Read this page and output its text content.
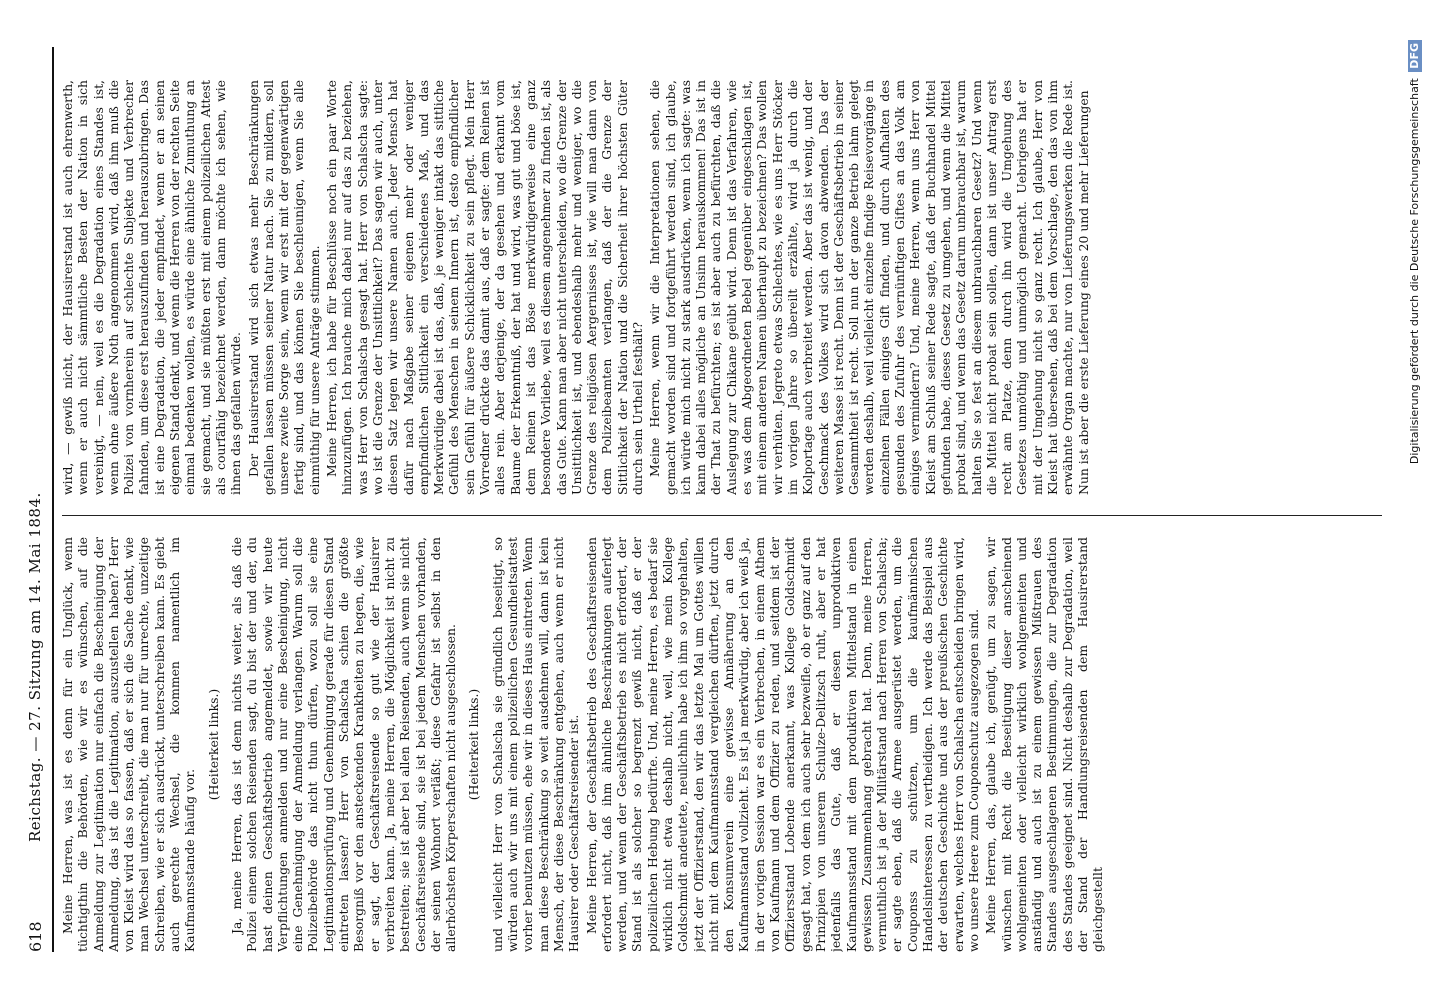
618
Reichstag. — 27. Sitzung am 14. Mai 1884. Meine Herren, was ist es denn für ein Unglück, wenn tüchtigthin die Behörden, wie wir es wünschen, auf die Anmeldung zur Legitimation nur einfach die Bescheinigung der Anmeldung, das ist die Legitimation, auszustellen haben? Herr von Kleist wird das so fassen, daß er sich die Sache denkt, wie man Wechsel unterschreibt, die man nur für unrechte, unzeitige Schreiben, wie er sich ausdrückt, unterschreiben kann. Es giebt auch gerechte Wechsel, die kommen namentlich im Kaufmannsstande häufig vor.

(Heiterkeit links.) Ja, meine Herren, das ist denn nichts weiter, als daß die Polizei einem solchen Reisenden sagt, du bist der und der, du hast deinen Geschäftsbetrieb angemeldet, sowie wir heute Verpflichtungen anmelden und nur eine Bescheinigung, nicht eine Genehmigung der Anmeldung verlangen. Warum soll die Polizeibehörde das nicht thun dürfen, wozu soll sie eine Legitimationsprüfung und Genehmigung gerade für diesen Stand eintreten lassen? Herr von Schalscha schien die größte Besorgniß vor den ansteckenden Krankheiten zu hegen, die, wie er sagt, der Geschäftsreisende so gut wie der Hausirer verbreiten kann. Ja, meine Herren, die Möglichkeit ist nicht zu bestreiten; sie ist aber bei allen Reisenden, auch wenn sie nicht Geschäftsreisende sind, sie ist bei jedem Menschen vorhanden, der seinen Wohnort verläßt; diese Gefahr ist selbst in den allerhöchsten Körperschaften nicht ausgeschlossen. (Heiterkeit links.) und vielleicht Herr von Schalscha sie gründlich beseitigt, so würden auch wir uns mit einem polizeilichen Gesundheitsattest vorher benutzen müssen, ehe wir in dieses Haus eintreten. Wenn man diese Beschränkung so weit ausdehnen will, dann ist kein Mensch, der diese Beschränkung entgehen, auch wenn er nicht Hausirer oder Geschäftsreisender ist. Meine Herren, der Geschäftsbetrieb des Geschäftsreisenden erfordert nicht, daß ihm ähnliche Beschränkungen auferlegt werden, und wenn der Geschäftsbetrieb es nicht erfordert, der Stand ist als solcher so begrenzt gewiß nicht, daß er der polizeilichen Hebung bedürfte. Und, meine Herren, es bedarf sie wirklich nicht etwa deshalb nicht, weil, wie mein Kollege Goldschmidt andeutete, neulichhin habe ich ihm so vorgehalten, jetzt der Offizierstand, den wir das letzte Mal um Gottes willen nicht mit dem Kaufmannsstand vergleichen dürften, jetzt durch den Konsumverein eine gewisse Annäherung an den Kaufmannsstand vollzieht. Es ist ja merkwürdig, aber ich weiß ja, in der vorigen Session war es ein Verbrechen, in einem Athem von Kaufmann und dem Offizier zu reden, und seitdem ist der Offiziersstand Lobende anerkannt, was Kollege Goldschmidt gesagt hat, von dem ich auch sehr bezweifle, ob er ganz auf den Prinzipien von unserem Schulze-Delitzsch ruht, aber er hat jedenfalls das Gute, daß er diesen unproduktiven Kaufmannsstand mit dem produktiven Mittelstand in einen gewissen Zusammenhang gebracht hat. Denn, meine Herren, vermuthlich ist ja der Militärstand nach Herren von Schalscha; er sagte eben, daß die Armee ausgerüstet werden, um die Couponss zu schützen, um die kaufmännischen Handelsinteressen zu vertheidigen. Ich werde das Beispiel aus der deutschen Geschichte und aus der preußischen Geschichte erwarten, welches Herr von Schalscha entscheiden bringen wird, wo unsere Heere zum Couponschutz ausgezogen sind. Meine Herren, das, glaube ich, genügt, um zu sagen, wir wünschen mit Recht die Beseitigung dieser anscheinend wohlgemeinten oder vielleicht wirklich wohlgemeinten und anständig und auch ist zu einem gewissen Mißtrauen des Standes ausgeschlagenen Bestimmungen, die zur Degradation des Standes geeignet sind. Nicht deshalb zur Degradation, weil der Stand der Handlungsreisenden dem Hausirerstand gleichgestellt

wird, — gewiß nicht, der Hausirerstand ist auch ehrenwerth, wenn er auch nicht sämmtliche Besten der Nation in sich vereinigt, — nein, weil es die Degradation eines Standes ist, wenn ohne äußere Noth angenommen wird, daß ihm muß die Polizei von vornherein auf schlechte Subjekte und Verbrecher fahnden, um diese erst herauszufinden und herauszubringen. Das ist eine Degradation, die jeder empfindet, wenn er an seinen eigenen Stand denkt, und wenn die Herren von der rechten Seite einmal bedenken wollen, es würde eine ähnliche Zumuthung an sie gemacht, und sie müßten erst mit einem polizeilichen Attest als courfähig bezeichnet werden, dann möchte ich sehen, wie ihnen das gefallen würde. Der Hausirerstand wird sich etwas mehr Beschränkungen gefallen lassen müssen seiner Natur nach. Sie zu mildern, soll unsere zweite Sorge sein, wenn wir erst mit der gegenwärtigen fertig sind, und das können Sie beschleunigen, wenn Sie alle einmüthig für unsere Anträge stimmen. Meine Herren, ich habe für Beschlüsse noch ein paar Worte hinzuzufügen. Ich brauche mich dabei nur auf das zu beziehen, was Herr von Schalscha gesagt hat. Herr von Schalscha sagte: wo ist die Grenze der Unsittlichkeit? Das sagen wir auch, unter diesen Satz legen wir unsere Namen auch. Jeder Mensch hat dafür nach Maßgabe seiner eigenen mehr oder weniger empfindlichen Sittlichkeit ein verschiedenes Maß, und das Merkwürdige dabei ist das, daß, je weniger intakt das sittliche Gefühl des Menschen in seinem Innern ist, desto empfindlicher sein Gefühl für äußere Schicklichkeit zu sein pflegt. Mein Herr Vorredner drückte das damit aus, daß er sagte: dem Reinen ist alles rein. Aber derjenige, der da gesehen und erkannt vom Baume der Erkenntniß, der hat und wird, was gut und böse ist, dem Reinen ist das Böse merkwürdigerweise eine ganz besondere Vorliebe, weil es diesem angenehmer zu finden ist, als das Gute. Kann man aber nicht unterscheiden, wo die Grenze der Unsittlichkeit ist, und ebendeshalb mehr und weniger, wo die Grenze des religiösen Aergernisses ist, wie will man dann von dem Polizeibeamten verlangen, daß der die Grenze der Sittlichkeit der Nation und die Sicherheit ihrer höchsten Güter durch sein Urtheil festhält? Meine Herren, wenn wir die Interpretationen sehen, die gemacht worden sind und fortgeführt werden sind, ich glaube, ich würde mich nicht zu stark ausdrücken, wenn ich sagte: was kann dabei alles mögliche an Unsinn herauskommen! Das ist in der That zu befürchten; es ist aber auch zu befürchten, daß die Auslegung zur Chikane geübt wird. Denn ist das Verfahren, wie es was dem Abgeordneten Bebel gegenüber eingeschlagen ist, mit einem anderen Namen überhaupt zu bezeichnen? Das wollen wir verhüten. Jegreto etwas Schlechtes, wie es uns Herr Stöcker im vorigen Jahre so übereilt erzählte, wird ja durch die Kolportage auch verbreitet werden. Aber das ist wenig, und der Geschmack des Volkes wird sich davon abwenden. Das der weiteren Masse ist recht. Denn ist der Geschäftsbetrieb in seiner Gesammtheit ist recht. Soll nun der ganze Betrieb lahm gelegt werden deshalb, weil vielleicht einzelne findige Reisevorgänge in einzelnen Fällen einiges Gift finden, und durch Aufhalten des gesunden des Zufuhr des vernünftigen Giftes an das Volk am einiges vermindern? Und, meine Herren, wenn uns Herr von Kleist am Schluß seiner Rede sagte, daß der Buchhandel Mittel gefunden habe, dieses Gesetz zu umgehen, und wenn die Mittel probat sind, und wenn das Gesetz darum unbrauchbar ist, warum halten Sie so fest an diesem unbrauchbaren Gesetz? Und wenn die Mittel nicht probat sein sollen, dann ist unser Antrag erst recht am Platze, denn durch ihn wird die Umgehung des Gesetzes unmöthig und unmöglich gemacht. Uebrigens hat er mit der Umgehung nicht so ganz recht. Ich glaube, Herr von Kleist hat übersehen, daß bei dem Vorschlage, den das von ihm erwähnte Organ machte, nur von Lieferungswerken die Rede ist. Nun ist aber die erste Lieferung eines 20 und mehr Lieferungen	Digitalisierung gefördert durch die Deutsche Forschungsgemeinschaft DFG
